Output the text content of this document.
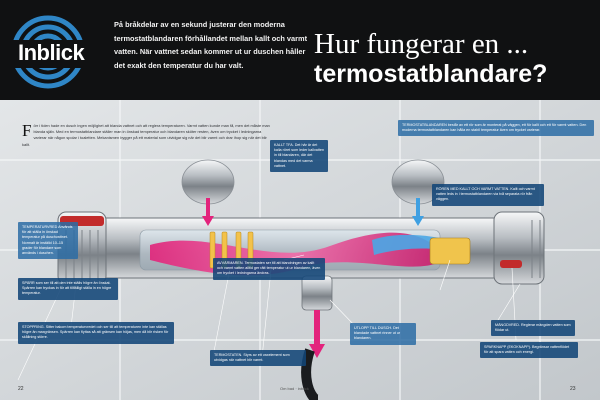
Inblick
På bråkdelar av en sekund justerar den moderna termostatblandaren förhållandet mellan kallt och varmt vatten. När vattnet sedan kommer ut ur duschen håller det exakt den temperatur du har valt.
Hur fungerar en ...
termostatblandare?
F örr i tiden hade en dusch ingen möjlighet att blanda vattnet och att reglera temperaturen. Varmt vatten kunde man få, men det måste man blanda själv. Med en termostatblandare ställer man in önskad temperatur och blandaren sköter resten, även om trycket i ledningarna varierar när någon spolar i toaletten. Mekanismen bygger på ett material som utvidgar sig när det blir varmt och drar ihop sig när det blir kallt.
TEMPERATURVRED Används för att ställa in önskad temperatur på duschvattnet. Normalt är inställd 10–15 grader för blandare som används i duschen.
SPÄRR som ser till att den inte ställs högre än önskat. Spärren kan tryckas in för att tillfälligt ställa in en högre temperatur.
STOPPRING. Sitter bakom temperaturvredet och ser till att temperaturen inte kan ställas högre än maxgränsen. Spärren kan flyttas så att gränsen kan höjas, men då blir risken för skållning större.
KALLT TFA. Det här är det kalla röret som leder kallvatten in till blandaren, där det blandas med det varma vattnet.
TERMOSTATBLANDAREN består av ett rör som är monterat på väggen, ett för kallt och ett för varmt vatten. Den moderna termostatblandaren kan hålla en stabil temperatur även om trycket varierar.
RÖREN MED KALLT OCH VARMT VATTEN. Kallt och varmt vatten leds in i termostatblandaren via två separata rör från väggen.
AVVÄRMAREN. Termostaten ser till att blandningen av kallt och varmt vatten alltid ger rätt temperatur ut ur blandaren, även om trycket i ledningarna ändras.
TERMOSTATEN. Styrs av ett vaxelement som utvidgas när vattnet blir varmt.
UTLOPP TILL DUSCH. Det blandade vattnet rinner ut ur blandaren.
MÄNGDVRED. Reglerar mängden vatten som flödar ut.
SPARKNAPP (EKOKNAPP). Begränsar vattenflödet för att spara vatten och energi.
22	Om bad · inblick	23
